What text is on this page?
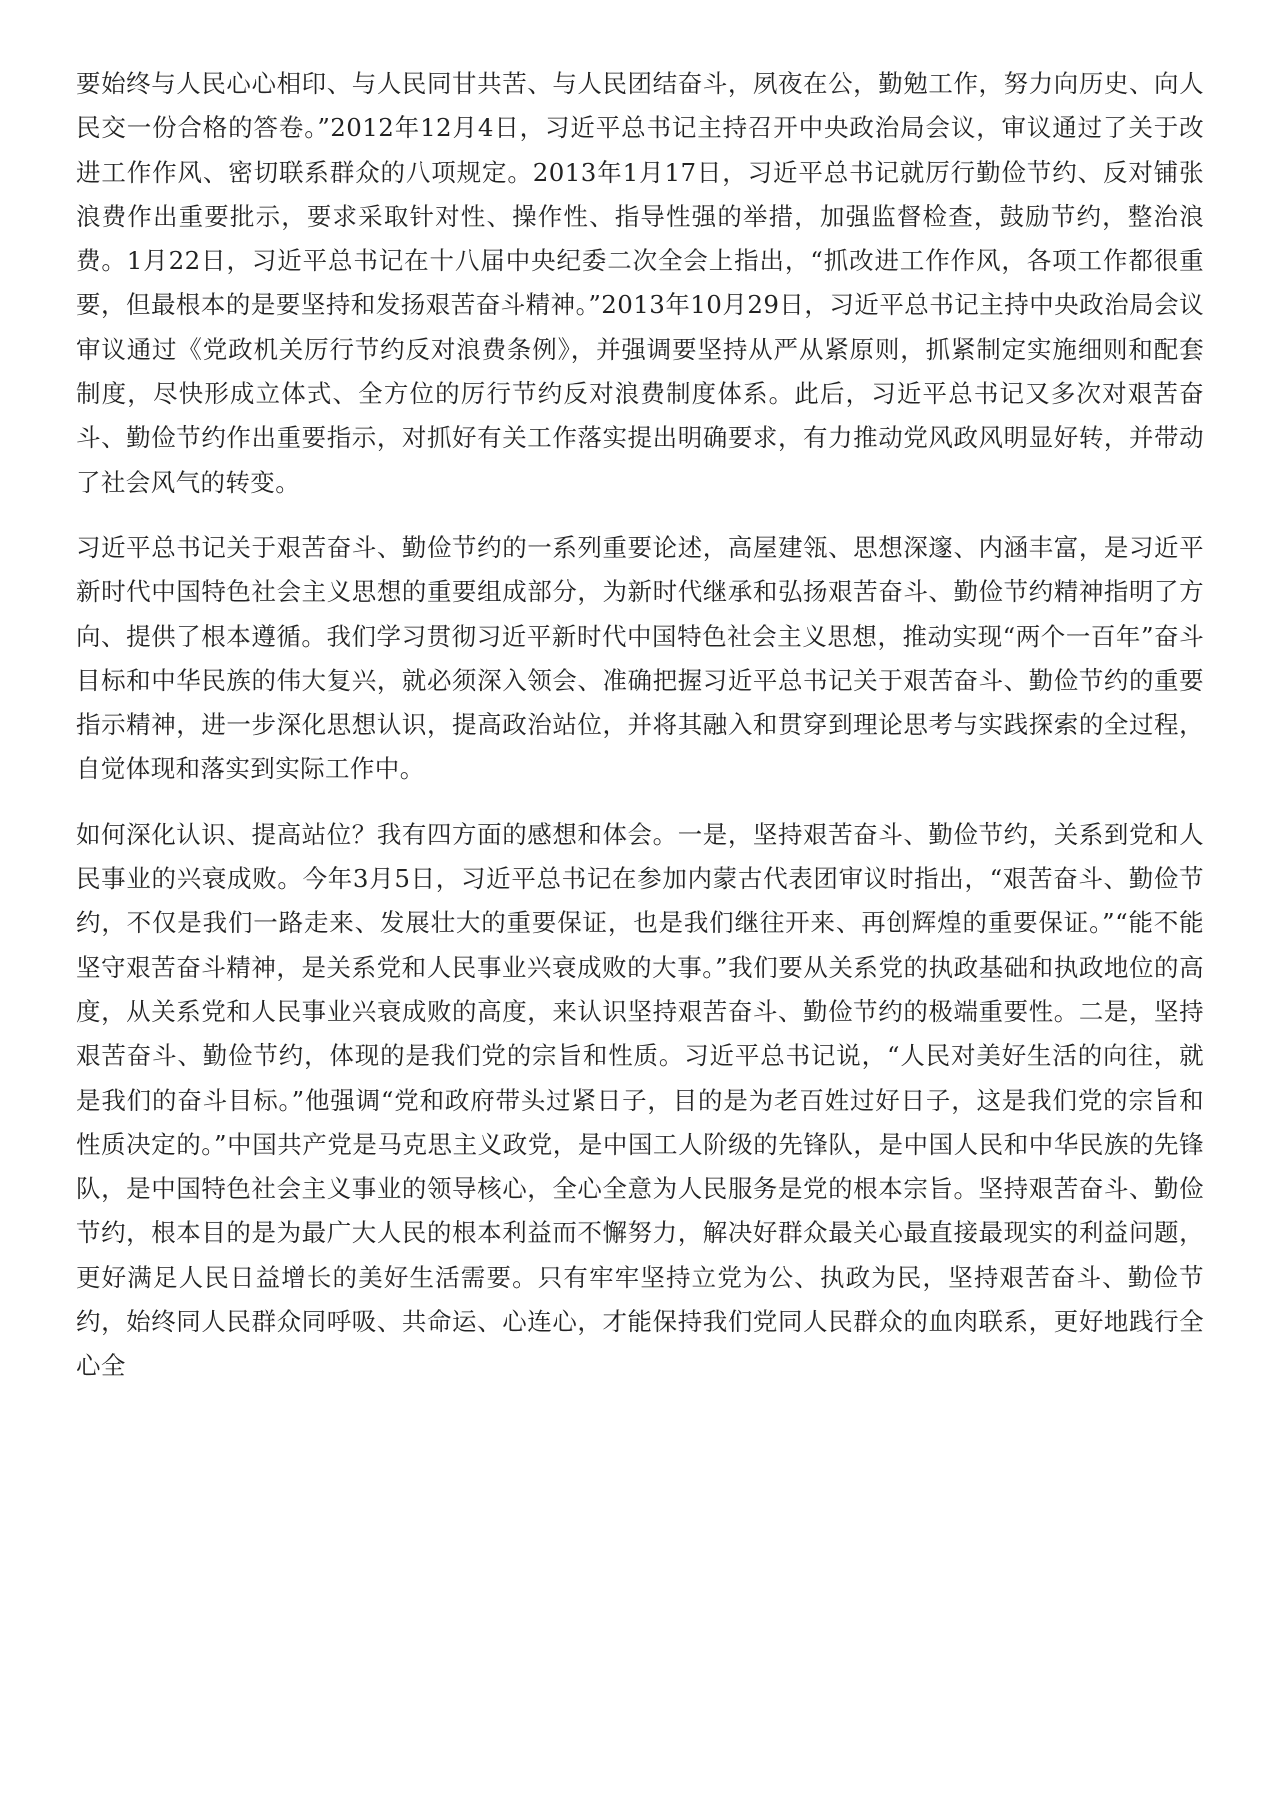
要始终与人民心心相印、与人民同甘共苦、与人民团结奋斗，夙夜在公，勤勉工作，努力向历史、向人民交一份合格的答卷。”2012年12月4日，习近平总书记主持召开中央政治局会议，审议通过了关于改进工作作风、密切联系群众的八项规定。2013年1月17日，习近平总书记就厉行勤俭节约、反对铺张浪费作出重要批示，要求采取针对性、操作性、指导性强的举措，加强监督检查，鼓励节约，整治浪费。1月22日，习近平总书记在十八届中央纪委二次全会上指出，“抓改进工作作风，各项工作都很重要，但最根本的是要坚持和发扬艰苦奋斗精神。”2013年10月29日，习近平总书记主持中央政治局会议审议通过《党政机关厉行节约反对浪费条例》，并强调要坚持从严从紧原则，抓紧制定实施细则和配套制度，尽快形成立体式、全方位的厉行节约反对浪费制度体系。此后，习近平总书记又多次对艰苦奋斗、勤俭节约作出重要指示，对抓好有关工作落实提出明确要求，有力推动党风政风明显好转，并带动了社会风气的转变。

习近平总书记关于艰苦奋斗、勤俭节约的一系列重要论述，高屋建瓴、思想深邃、内涵丰富，是习近平新时代中国特色社会主义思想的重要组成部分，为新时代继承和弘扬艰苦奋斗、勤俭节约精神指明了方向、提供了根本遵循。我们学习贯彻习近平新时代中国特色社会主义思想，推动实现“两个一百年”奋斗目标和中华民族的伟大复兴，就必须深入领会、准确把握习近平总书记关于艰苦奋斗、勤俭节约的重要指示精神，进一步深化思想认识，提高政治站位，并将其融入和贯穿到理论思考与实践探索的全过程，自觉体现和落实到实际工作中。

如何深化认识、提高站位？我有四方面的感想和体会。一是，坚持艰苦奋斗、勤俭节约，关系到党和人民事业的兴衰成败。今年3月5日，习近平总书记在参加内蒙古代表团审议时指出，“艰苦奋斗、勤俭节约，不仅是我们一路走来、发展壮大的重要保证，也是我们继往开来、再创辉煌的重要保证。”“能不能坚守艰苦奋斗精神，是关系党和人民事业兴衰成败的大事。”我们要从关系党的执政基础和执政地位的高度，从关系党和人民事业兴衰成败的高度，来认识坚持艰苦奋斗、勤俭节约的极端重要性。二是，坚持艰苦奋斗、勤俭节约，体现的是我们党的宗旨和性质。习近平总书记说，“人民对美好生活的向往，就是我们的奋斗目标。”他强调“党和政府带头过紧日子，目的是为老百姓过好日子，这是我们党的宗旨和性质决定的。”中国共产党是马克思主义政党，是中国工人阶级的先锋队，是中国人民和中华民族的先锋队，是中国特色社会主义事业的领导核心，全心全意为人民服务是党的根本宗旨。坚持艰苦奋斗、勤俭节约，根本目的是为最广大人民的根本利益而不懈努力，解决好群众最关心最直接最现实的利益问题，更好满足人民日益增长的美好生活需要。只有牢牢坚持立党为公、执政为民，坚持艰苦奋斗、勤俭节约，始终同人民群众同呼吸、共命运、心连心，才能保持我们党同人民群众的血肉联系，更好地践行全心全
